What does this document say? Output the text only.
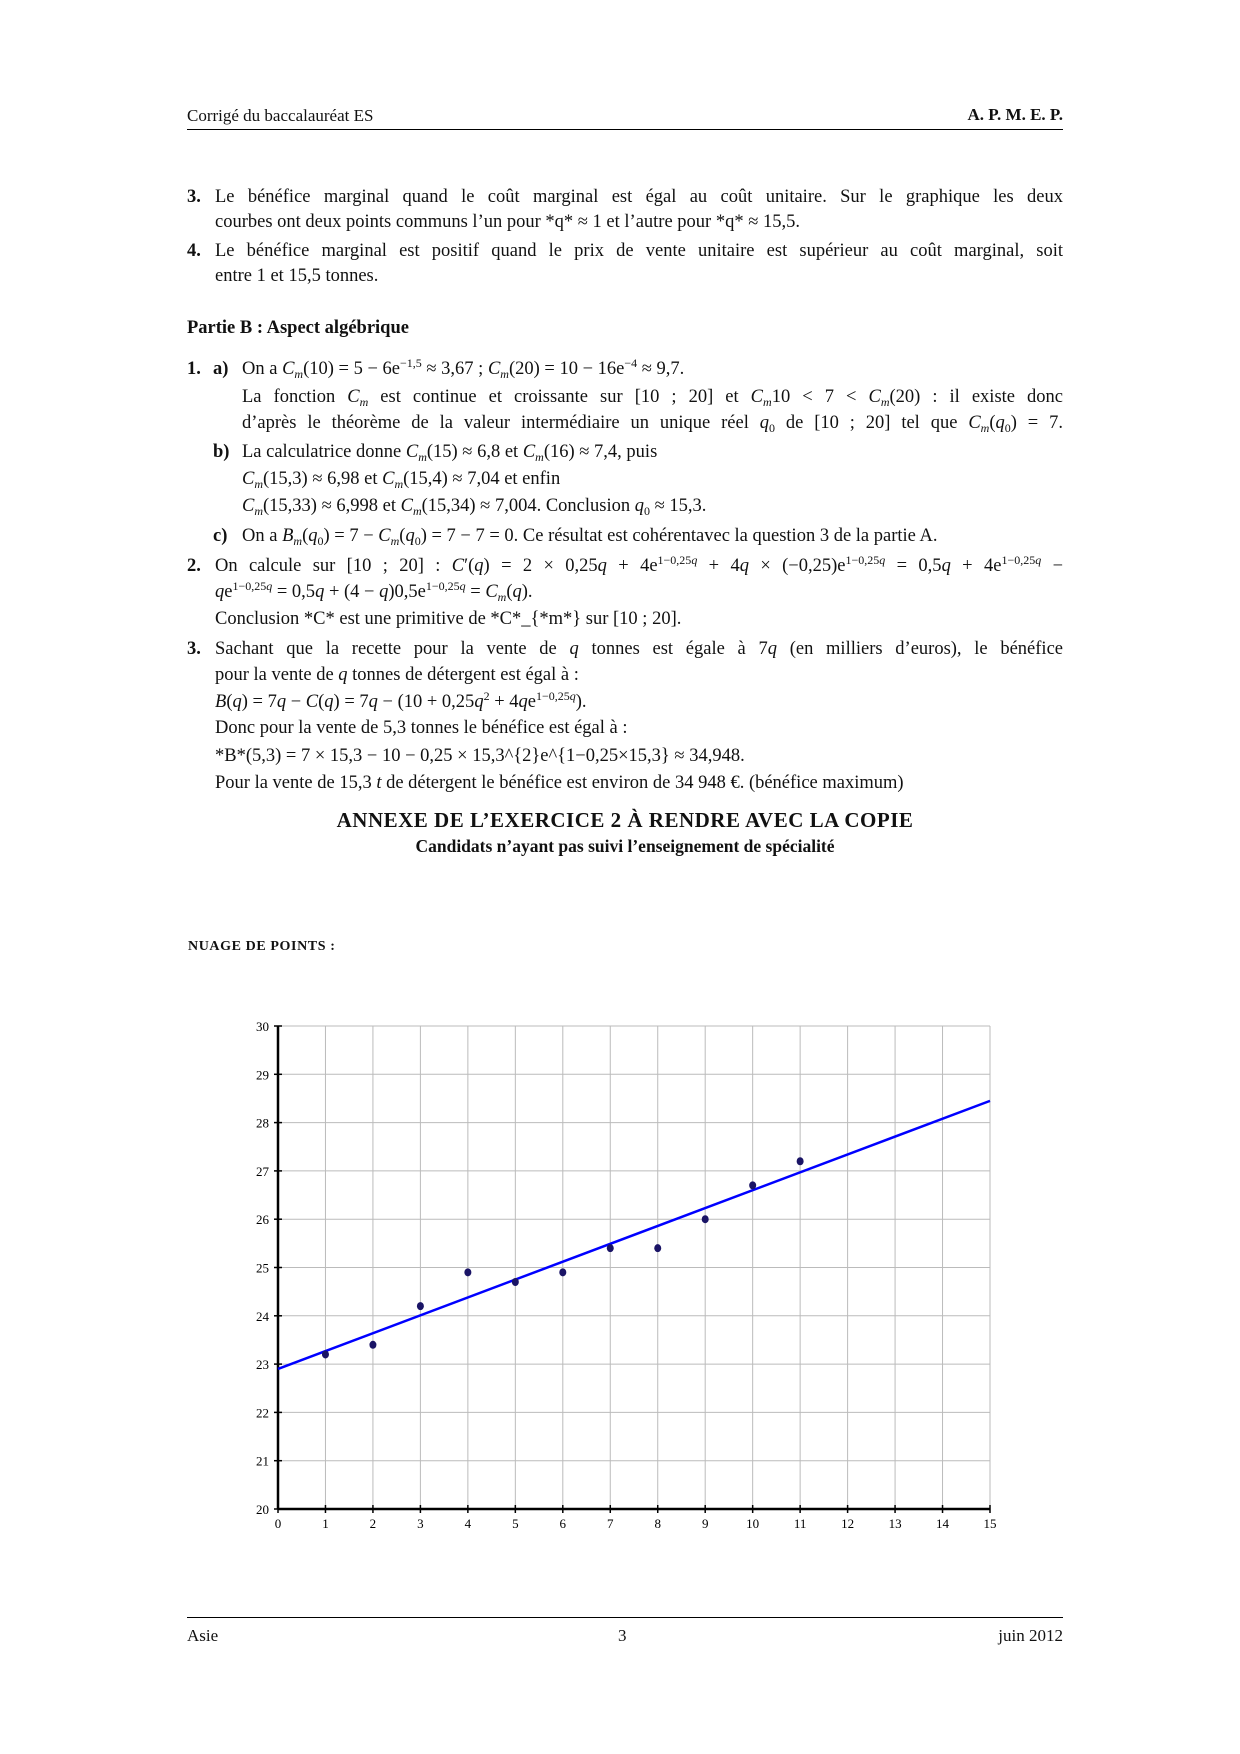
Corrigé du baccalauréat ES	A. P. M. E. P.
3. Le bénéfice marginal quand le coût marginal est égal au coût unitaire. Sur le graphique les deux
courbes ont deux points communs l’un pour *q* ≈ 1 et l’autre pour *q* ≈ 15,5.
4. Le bénéfice marginal est positif quand le prix de vente unitaire est supérieur au coût marginal, soit
entre 1 et 15,5 tonnes.
Partie B : Aspect algébrique
1. a) On a $C_m(10) = 5 - 6e^{-1,5} \approx 3,67$ ; $C_m(20) = 10 - 16e^{-4} \approx 9,7$.
La fonction $C_m$ est continue et croissante sur [10 ; 20] et $C_m10 < 7 < C_m(20)$ : il existe donc
d’après le théorème de la valeur intermédiaire un unique réel $q_0$ de [10 ; 20] tel que $C_m(q_0) = 7$.
b) La calculatrice donne $C_m(15) \approx 6,8$ et $C_m(16) \approx 7,4$, puis
$C_m(15,3) \approx 6,98$ et $C_m(15,4) \approx 7,04$ et enfin
$C_m(15,33) \approx 6,998$ et $C_m(15,34) \approx 7,004$. Conclusion $q_0 \approx 15,3$.
c) On a $B_m(q_0) = 7 - C_m(q_0) = 7 - 7 = 0$. Ce résultat est cohérentavec la question 3 de la partie A.
2. On calcule sur [10 ; 20] : $C'(q) = 2 \times 0,25q + 4e^{1-0,25q} + 4q \times (-0,25)e^{1-0,25q} = 0,5q + 4e^{1-0,25q}$ −
$qe^{1-0,25q} = 0,5q + (4 - q)0,5e^{1-0,25q} = C_m(q)$.
Conclusion *C* est une primitive de *C*_{*m*} sur [10 ; 20].
3. Sachant que la recette pour la vente de q tonnes est égale à 7q (en milliers d’euros), le bénéfice
pour la vente de q tonnes de détergent est égal à :
$B(q) = 7q - C(q) = 7q - (10 + 0,25q^2 + 4qe^{1-0,25q})$.
Donc pour la vente de 5,3 tonnes le bénéfice est égal à :
*B*(5,3) = 7 × 15,3 − 10 − 0,25 × 15,3^{2}e^{1−0,25×15,3} ≈ 34,948.
Pour la vente de 15,3 t de détergent le bénéfice est environ de 34 948 €. (bénéfice maximum)
ANNEXE DE L’EXERCICE 2 À RENDRE AVEC LA COPIE
Candidats n’ayant pas suivi l’enseignement de spécialité
NUAGE DE POINTS :
0	1	2	3	4	5	6	7	8	9	10	11	12	13	14	15
20
21
22
23
24
25
26
27
28
29
30
Asie	3	juin 2012
